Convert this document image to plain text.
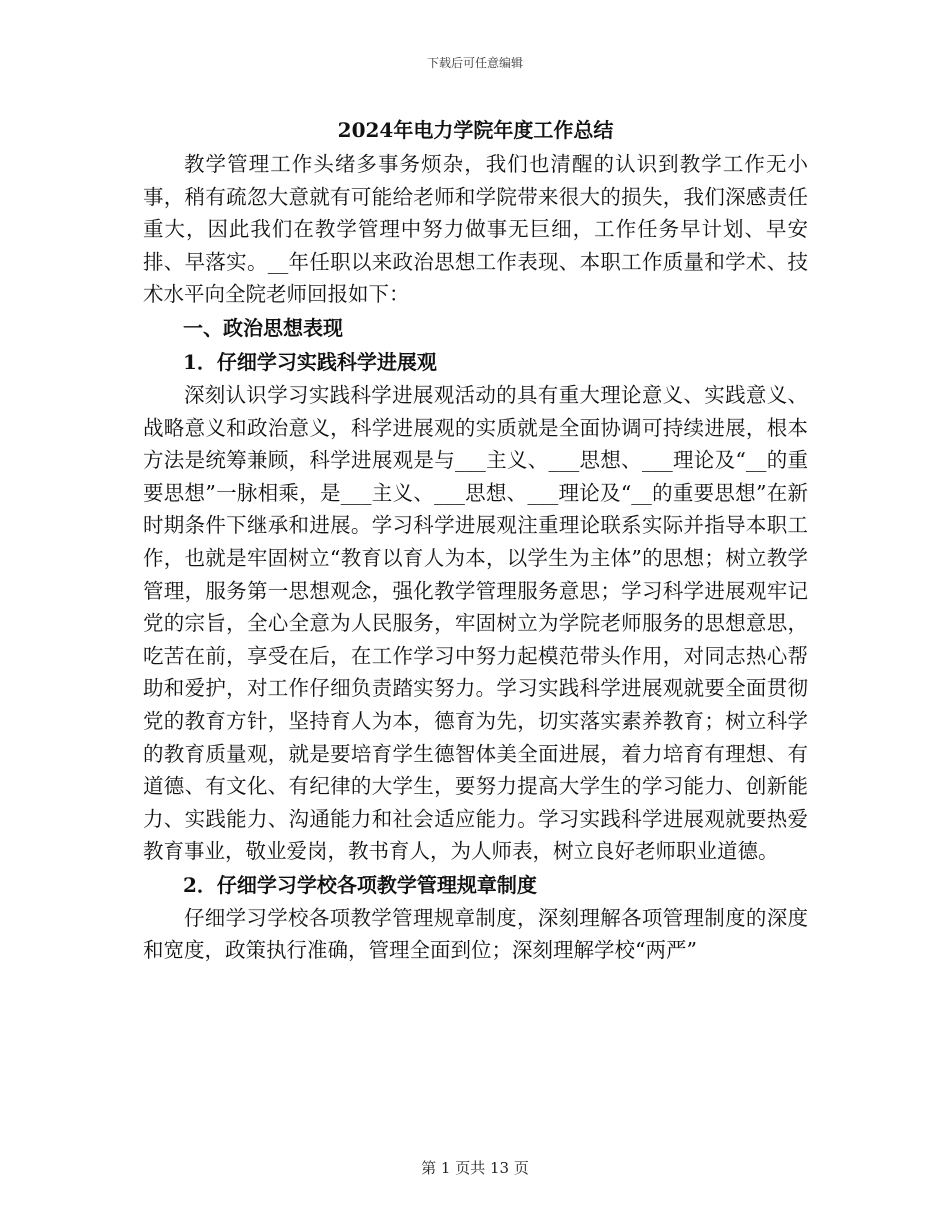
下载后可任意编辑

2024年电力学院年度工作总结

教学管理工作头绪多事务烦杂，我们也清醒的认识到教学工作无小事，稍有疏忽大意就有可能给老师和学院带来很大的损失，我们深感责任重大，因此我们在教学管理中努力做事无巨细，工作任务早计划、早安排、早落实。__年任职以来政治思想工作表现、本职工作质量和学术、技术水平向全院老师回报如下：

一、政治思想表现

1．仔细学习实践科学进展观

深刻认识学习实践科学进展观活动的具有重大理论意义、实践意义、战略意义和政治意义，科学进展观的实质就是全面协调可持续进展，根本方法是统筹兼顾，科学进展观是与___主义、___思想、___理论及“__的重要思想”一脉相乘，是___主义、___思想、___理论及“__的重要思想”在新时期条件下继承和进展。学习科学进展观注重理论联系实际并指导本职工作，也就是牢固树立“教育以育人为本，以学生为主体”的思想；树立教学管理，服务第一思想观念，强化教学管理服务意思；学习科学进展观牢记党的宗旨，全心全意为人民服务，牢固树立为学院老师服务的思想意思，吃苦在前，享受在后，在工作学习中努力起模范带头作用，对同志热心帮助和爱护，对工作仔细负责踏实努力。学习实践科学进展观就要全面贯彻党的教育方针，坚持育人为本，德育为先，切实落实素养教育；树立科学的教育质量观，就是要培育学生德智体美全面进展，着力培育有理想、有道德、有文化、有纪律的大学生，要努力提高大学生的学习能力、创新能力、实践能力、沟通能力和社会适应能力。学习实践科学进展观就要热爱教育事业，敬业爱岗，教书育人，为人师表，树立良好老师职业道德。

2．仔细学习学校各项教学管理规章制度

仔细学习学校各项教学管理规章制度，深刻理解各项管理制度的深度和宽度，政策执行准确，管理全面到位；深刻理解学校“两严”

第 1 页共 13 页
